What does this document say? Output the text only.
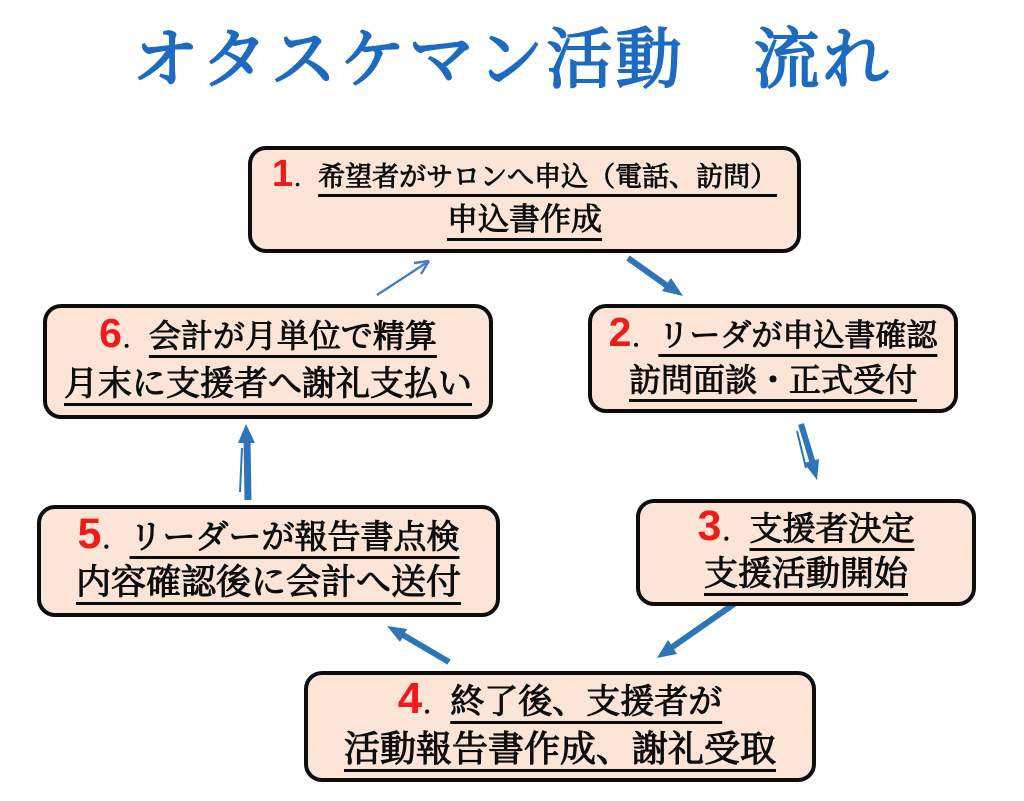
オタスケマン活動　流れ
1 ． 希望者がサロンへ申込（電話、訪問）
申込書作成
2 ． リーダが申込書確認
訪問面談・正式受付
3 ． 支援者決定
支援活動開始
4 ． 終了後、支援者が
活動報告書作成、謝礼受取
5 ． リーダーが報告書点検
内容確認後に会計へ送付
6 ． 会計が月単位で精算
月末に支援者へ謝礼支払い
